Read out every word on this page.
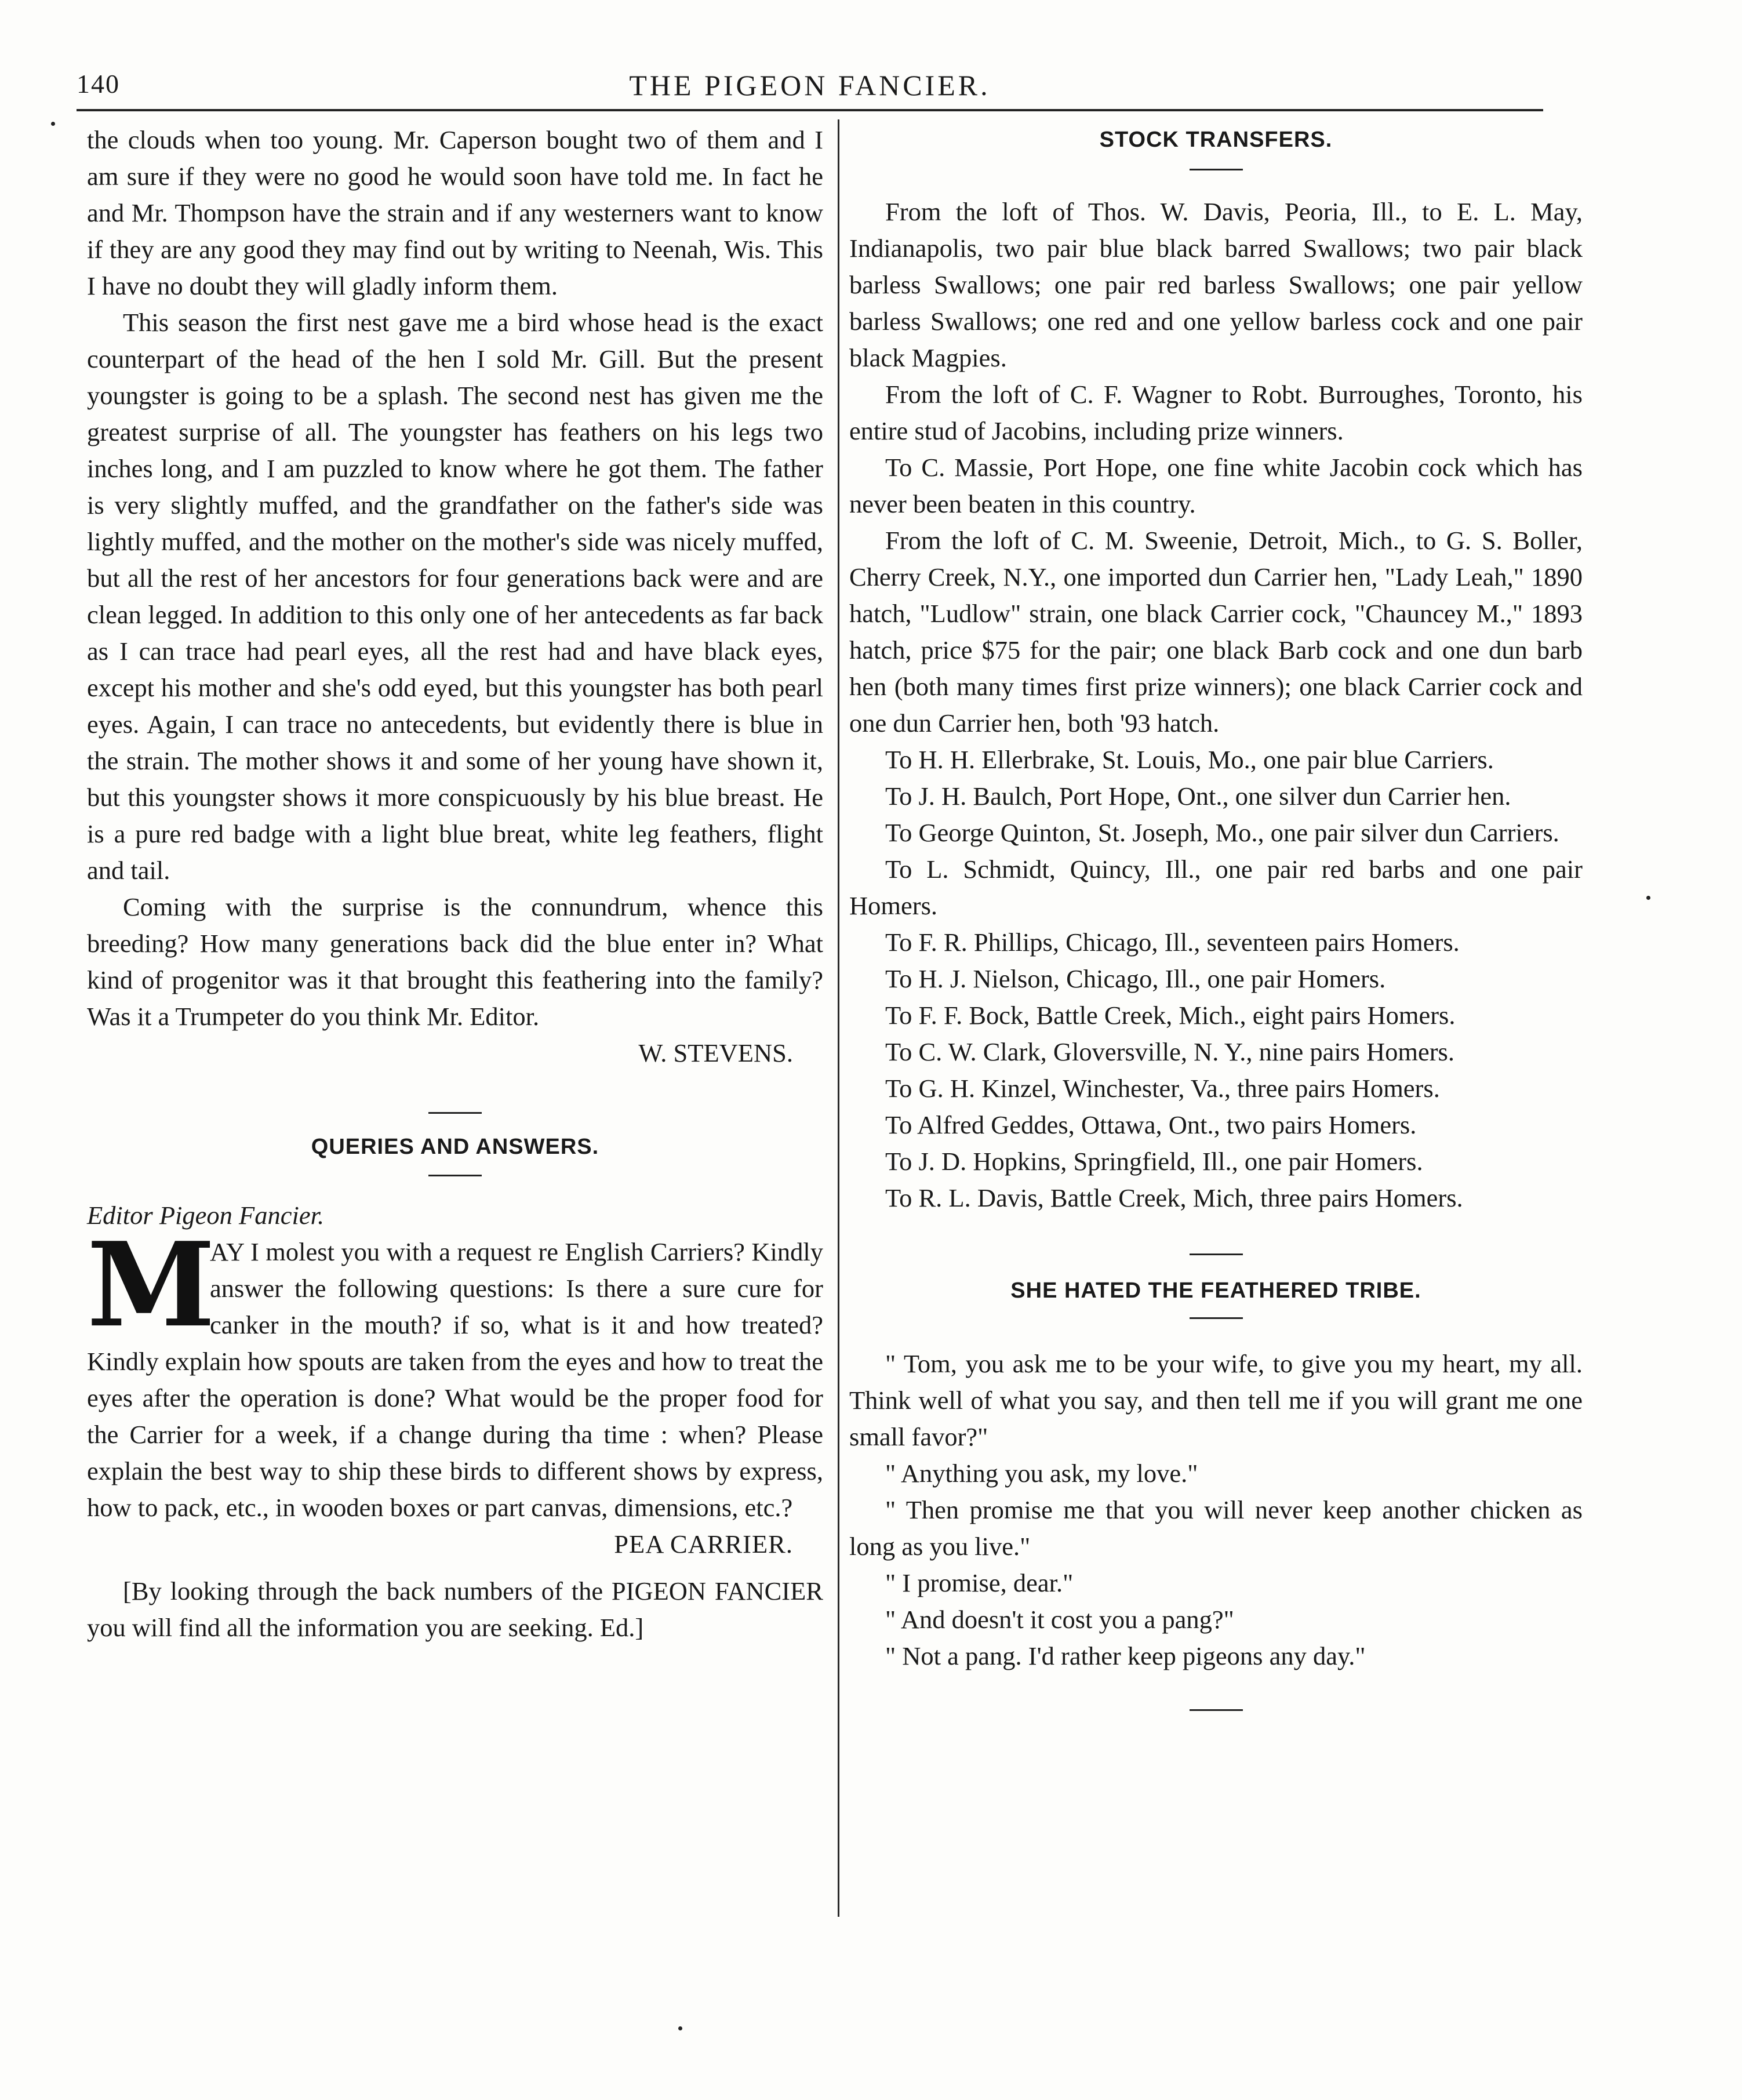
140	THE PIGEON FANCIER.

the clouds when too young. Mr. Caperson bought two of them and I am sure if they were no good he would soon have told me. In fact he and Mr. Thompson have the strain and if any westerners want to know if they are any good they may find out by writing to Neenah, Wis. This I have no doubt they will gladly inform them.

This season the first nest gave me a bird whose head is the exact counterpart of the head of the hen I sold Mr. Gill. But the present youngster is going to be a splash. The second nest has given me the greatest surprise of all. The youngster has feathers on his legs two inches long, and I am puzzled to know where he got them. The father is very slightly muffed, and the grandfather on the father's side was lightly muffed, and the mother on the mother's side was nicely muffed, but all the rest of her ancestors for four generations back were and are clean legged. In addition to this only one of her antecedents as far back as I can trace had pearl eyes, all the rest had and have black eyes, except his mother and she's odd eyed, but this youngster has both pearl eyes. Again, I can trace no antecedents, but evidently there is blue in the strain. The mother shows it and some of her young have shown it, but this youngster shows it more conspicuously by his blue breast. He is a pure red badge with a light blue breat, white leg feathers, flight and tail.

Coming with the surprise is the connundrum, whence this breeding? How many generations back did the blue enter in? What kind of progenitor was it that brought this feathering into the family? Was it a Trumpeter do you think Mr. Editor.

W. STEVENS.
QUERIES AND ANSWERS.

Editor Pigeon Fancier.

M
AY I molest you with a request re English Carriers? Kindly answer the following questions: Is there a sure cure for canker in the mouth? if so, what is it and how treated? Kindly explain how spouts are taken from the eyes and how to treat the eyes after the operation is done? What would be the proper food for the Carrier for a week, if a change during tha time : when? Please explain the best way to ship these birds to different shows by express, how to pack, etc., in wooden boxes or part canvas, dimensions, etc.?

PEA CARRIER.

[By looking through the back numbers of the PIGEON FANCIER you will find all the information you are seeking. Ed.]

STOCK TRANSFERS.

From the loft of Thos. W. Davis, Peoria, Ill., to E. L. May, Indianapolis, two pair blue black barred Swallows; two pair black barless Swallows; one pair red barless Swallows; one pair yellow barless Swallows; one red and one yellow barless cock and one pair black Magpies.

From the loft of C. F. Wagner to Robt. Burroughes, Toronto, his entire stud of Jacobins, including prize winners.

To C. Massie, Port Hope, one fine white Jacobin cock which has never been beaten in this country.

From the loft of C. M. Sweenie, Detroit, Mich., to G. S. Boller, Cherry Creek, N.Y., one imported dun Carrier hen, "Lady Leah," 1890 hatch, "Ludlow" strain, one black Carrier cock, "Chauncey M.," 1893 hatch, price $75 for the pair; one black Barb cock and one dun barb hen (both many times first prize winners); one black Carrier cock and one dun Carrier hen, both '93 hatch.

To H. H. Ellerbrake, St. Louis, Mo., one pair blue Carriers.

To J. H. Baulch, Port Hope, Ont., one silver dun Carrier hen.

To George Quinton, St. Joseph, Mo., one pair silver dun Carriers.

To L. Schmidt, Quincy, Ill., one pair red barbs and one pair Homers.

To F. R. Phillips, Chicago, Ill., seventeen pairs Homers.

To H. J. Nielson, Chicago, Ill., one pair Homers.

To F. F. Bock, Battle Creek, Mich., eight pairs Homers.

To C. W. Clark, Gloversville, N. Y., nine pairs Homers.

To G. H. Kinzel, Winchester, Va., three pairs Homers.

To Alfred Geddes, Ottawa, Ont., two pairs Homers.

To J. D. Hopkins, Springfield, Ill., one pair Homers.

To R. L. Davis, Battle Creek, Mich, three pairs Homers.

SHE HATED THE FEATHERED TRIBE.

" Tom, you ask me to be your wife, to give you my heart, my all. Think well of what you say, and then tell me if you will grant me one small favor?"

" Anything you ask, my love."

" Then promise me that you will never keep another chicken as long as you live."

" I promise, dear."

" And doesn't it cost you a pang?"

" Not a pang. I'd rather keep pigeons any day."
